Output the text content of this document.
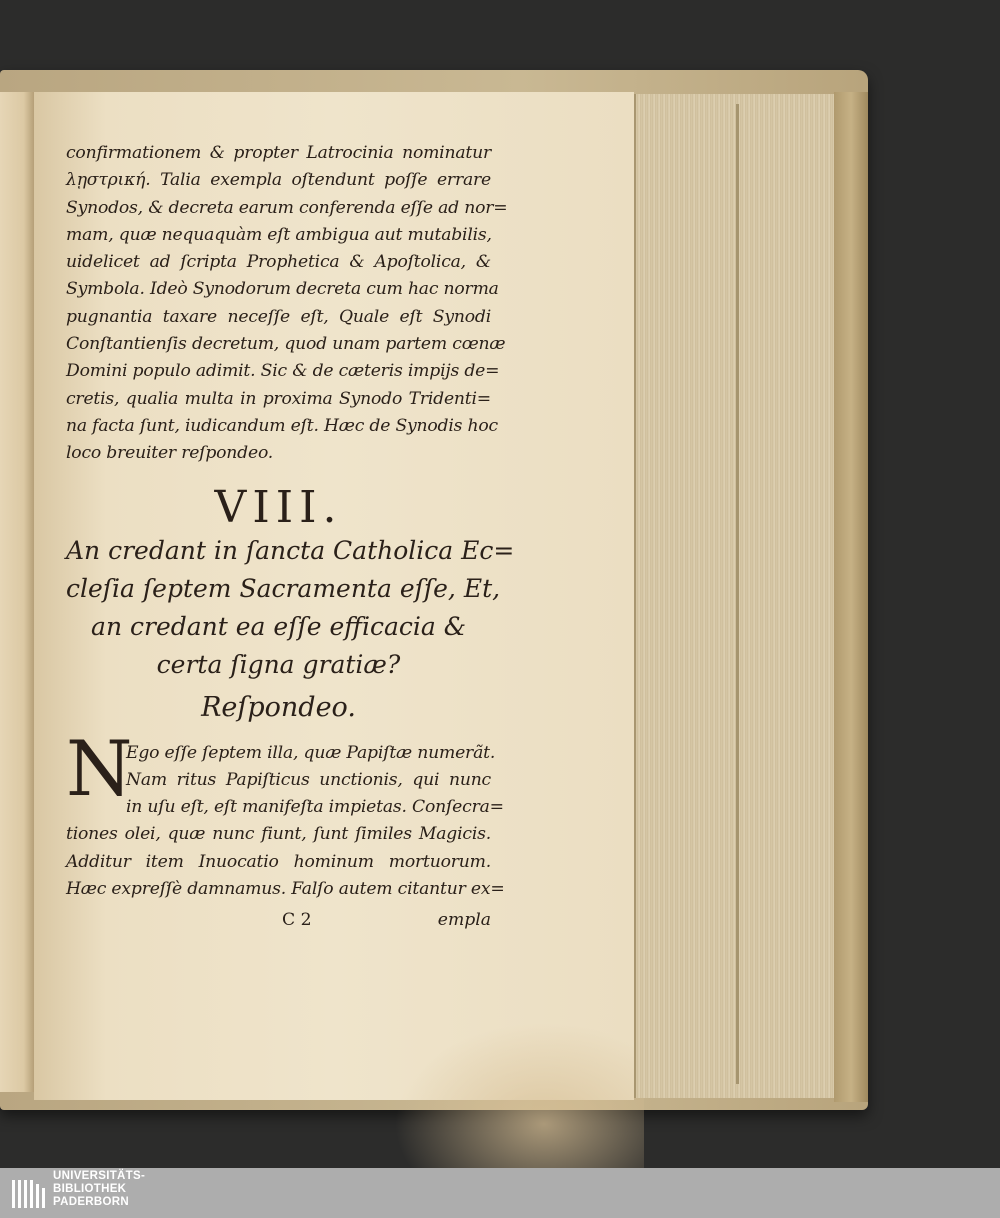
confirmationem & propter Latrocinia nominatur
λῃστρική. Talia exempla oſtendunt poſſe errare
Synodos, & decreta earum conferenda eſſe ad nor=
mam, quæ nequaquàm eſt ambigua aut mutabilis,
uidelicet ad ſcripta Prophetica & Apoſtolica, &
Symbola. Ideò Synodorum decreta cum hac norma
pugnantia taxare neceſſe eſt, Quale eſt Synodi
Conſtantienſis decretum, quod unam partem cœnæ
Domini populo adimit. Sic & de cæteris impijs de=
cretis, qualia multa in proxima Synodo Tridenti=
na facta ſunt, iudicandum eſt. Hæc de Synodis hoc
loco breuiter reſpondeo.
VIII.
An credant in ſancta Catholica Ec=
cleſia ſeptem Sacramenta eſſe, Et,
an credant ea eſſe efficacia &
certa ſigna gratiæ?
Reſpondeo.
N
Ego eſſe ſeptem illa, quæ Papiſtæ numerãt.
Nam ritus Papiſticus unctionis, qui nunc
in uſu eſt, eſt manifeſta impietas. Conſecra=
tiones olei, quæ nunc fiunt, ſunt ſimiles Magicis.
Additur item Inuocatio hominum mortuorum.
Hæc expreſſè damnamus. Falſo autem citantur ex=
C 2	empla
UNIVERSITÄTS-
BIBLIOTHEK
PADERBORN
